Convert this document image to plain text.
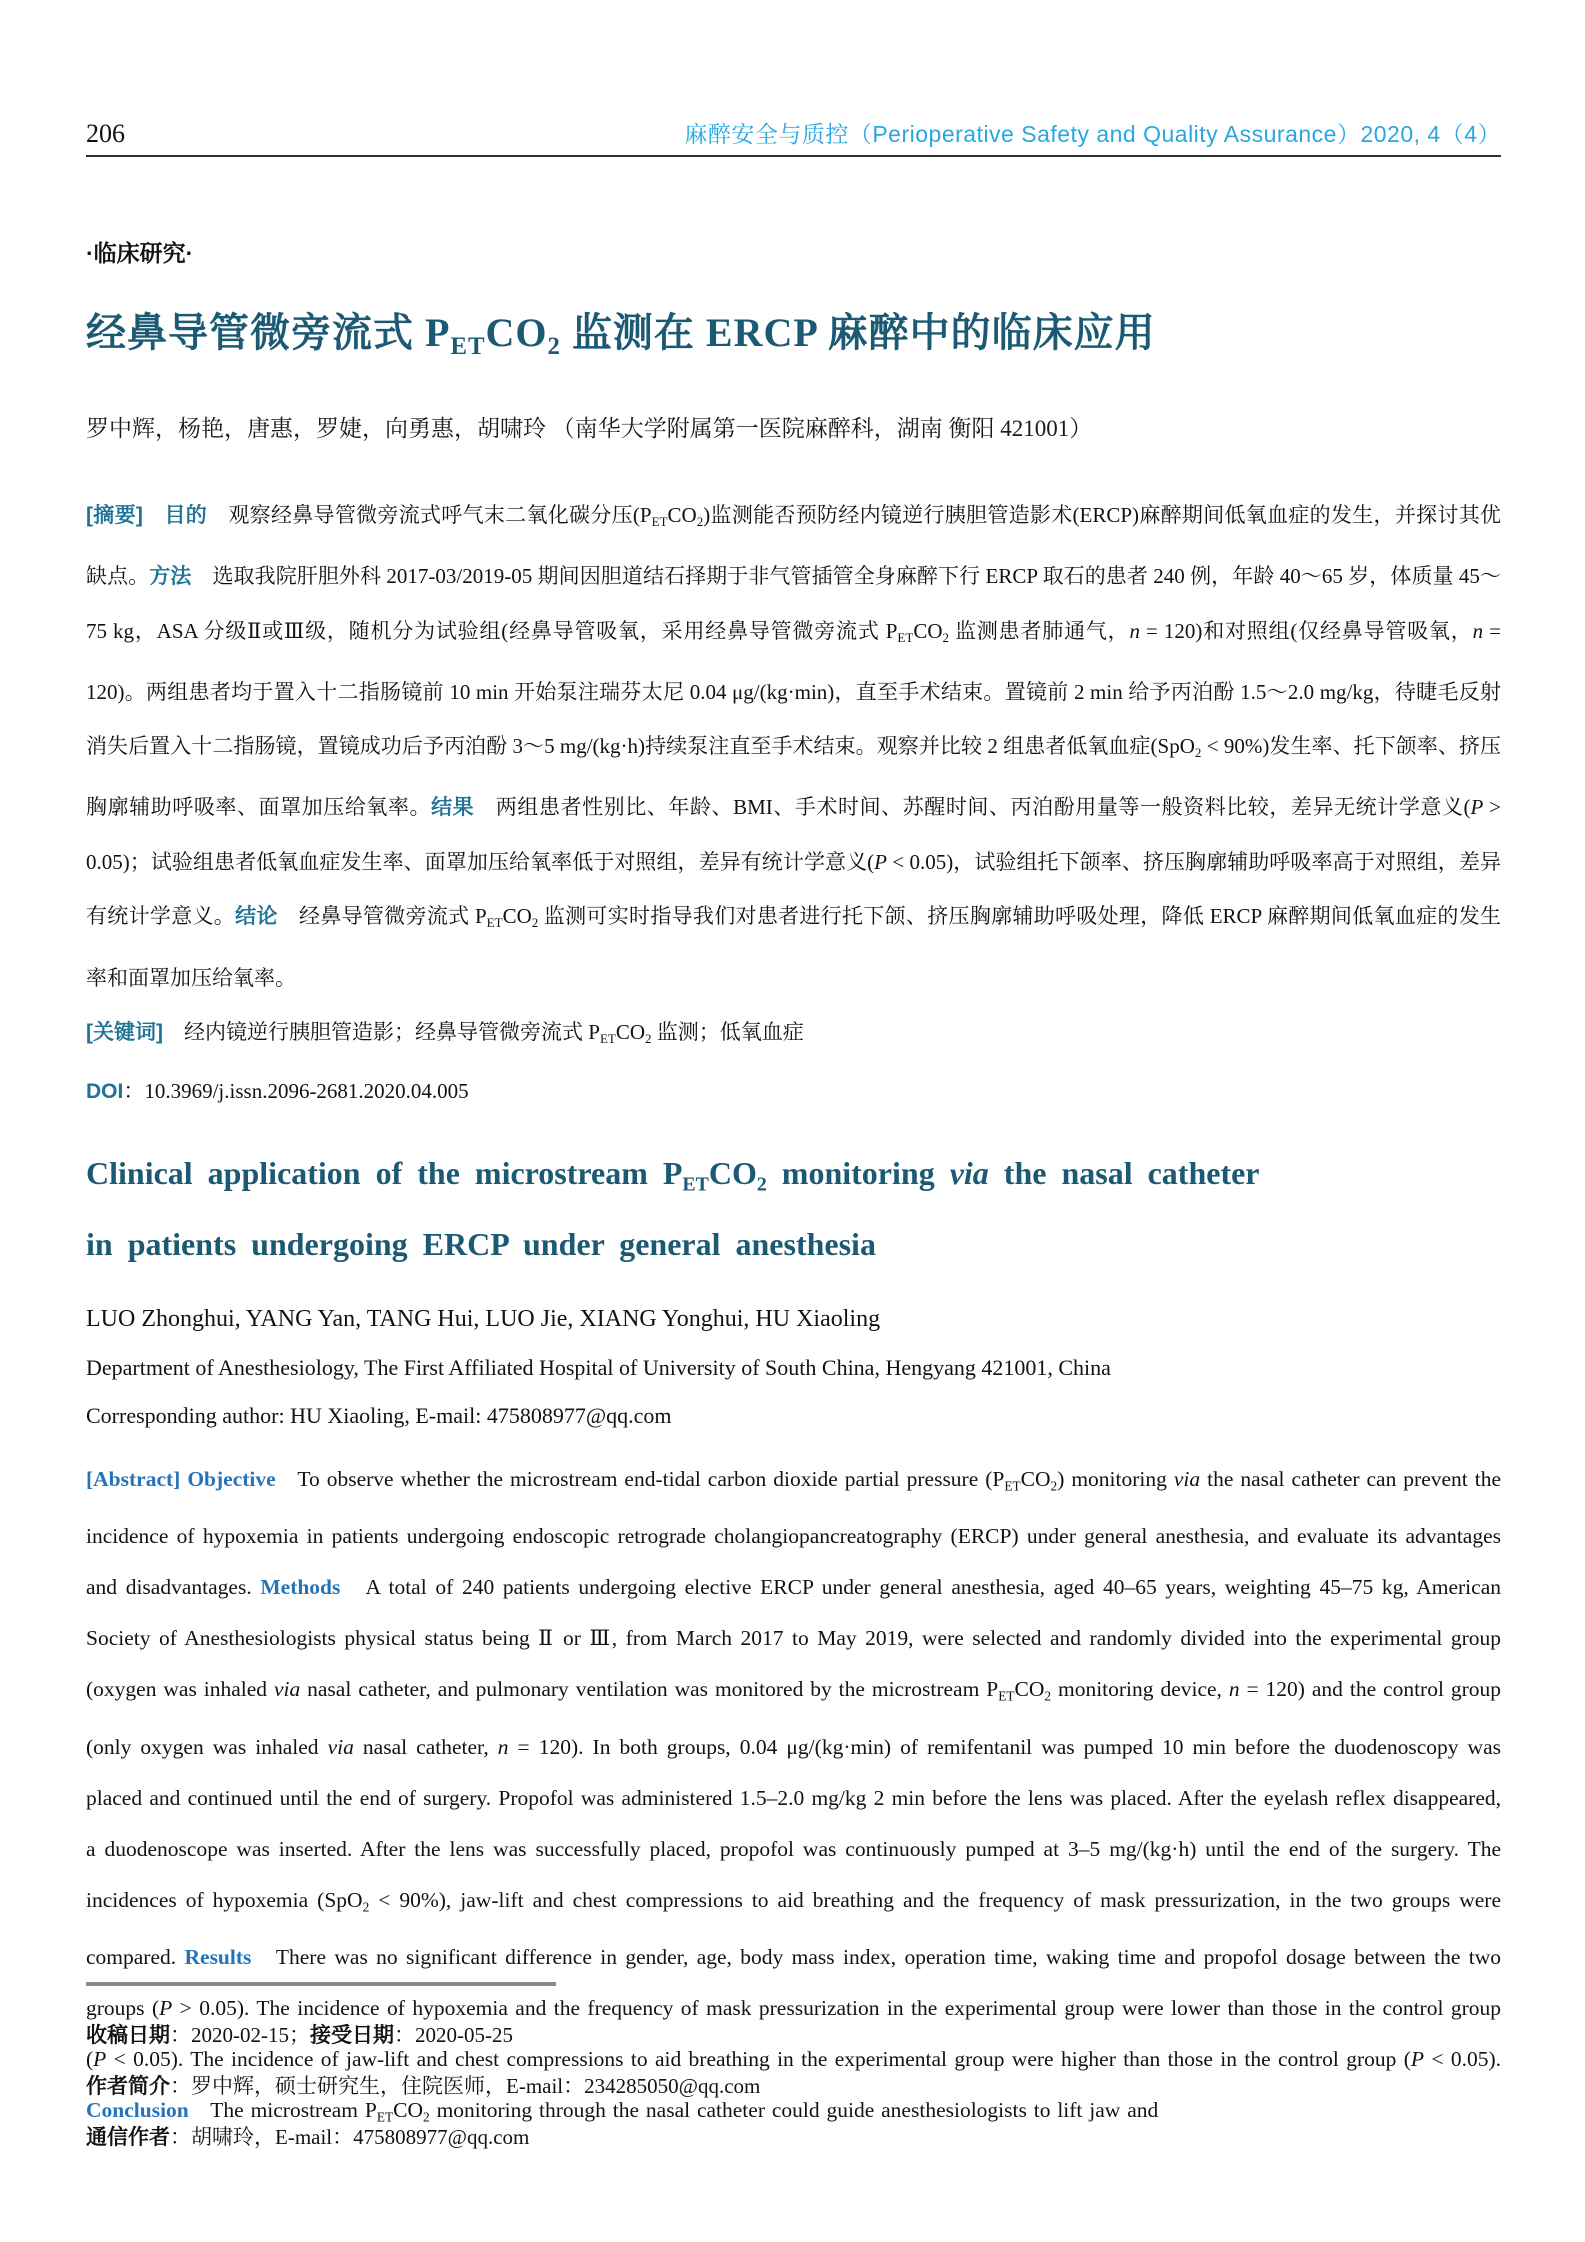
206	麻醉安全与质控（Perioperative Safety and Quality Assurance）2020, 4（4）
·临床研究·
经鼻导管微旁流式 $P_{ET}CO_2$ 监测在 ERCP 麻醉中的临床应用
罗中辉，杨艳，唐惠，罗婕，向勇惠，胡啸玲 （南华大学附属第一医院麻醉科，湖南 衡阳 421001）

[摘要]　 目的　观察经鼻导管微旁流式呼气末二氧化碳分压$(P_{ET}CO_2)$监测能否预防经内镜逆行胰胆管造影术(ERCP)麻醉期间低氧血症的发生，并探讨其优缺点。方法　选取我院肝胆外科 2017-03/2019-05 期间因胆道结石择期于非气管插管全身麻醉下行 ERCP 取石的患者 240 例，年龄 40～65 岁，体质量 45～75 kg，ASA 分级Ⅱ或Ⅲ级，随机分为试验组(经鼻导管吸氧，采用经鼻导管微旁流式 $P_{ET}CO_2$ 监测患者肺通气，n = 120)和对照组(仅经鼻导管吸氧，n = 120)。两组患者均于置入十二指肠镜前 10 min 开始泵注瑞芬太尼 0.04 μg/(kg·min)，直至手术结束。置镜前 2 min 给予丙泊酚 1.5～2.0 mg/kg，待睫毛反射消失后置入十二指肠镜，置镜成功后予丙泊酚 3～5 mg/(kg·h)持续泵注直至手术结束。观察并比较 2 组患者低氧血症(SpO$_2$ < 90%)发生率、托下颌率、挤压胸廓辅助呼吸率、面罩加压给氧率。结果　两组患者性别比、年龄、BMI、手术时间、苏醒时间、丙泊酚用量等一般资料比较，差异无统计学意义(P > 0.05)；试验组患者低氧血症发生率、面罩加压给氧率低于对照组，差异有统计学意义(P < 0.05)，试验组托下颌率、挤压胸廓辅助呼吸率高于对照组，差异有统计学意义。结论　经鼻导管微旁流式 $P_{ET}CO_2$ 监测可实时指导我们对患者进行托下颌、挤压胸廓辅助呼吸处理，降低 ERCP 麻醉期间低氧血症的发生率和面罩加压给氧率。

[关键词]　经内镜逆行胰胆管造影；经鼻导管微旁流式 $P_{ET}CO_2$ 监测；低氧血症

DOI：10.3969/j.issn.2096-2681.2020.04.005

Clinical application of the microstream $P_{ET}CO_2$ monitoring via the nasal catheter
in patients undergoing ERCP under general anesthesia
LUO Zhonghui, YANG Yan, TANG Hui, LUO Jie, XIANG Yonghui, HU Xiaoling
Department of Anesthesiology, The First Affiliated Hospital of University of South China, Hengyang 421001, China
Corresponding author: HU Xiaoling, E-mail: 475808977@qq.com

[Abstract] Objective　To observe whether the microstream end-tidal carbon dioxide partial pressure $(P_{ET}CO_2)$ monitoring via the nasal catheter can prevent the incidence of hypoxemia in patients undergoing endoscopic retrograde cholangiopancreatography (ERCP) under general anesthesia, and evaluate its advantages and disadvantages. Methods　A total of 240 patients undergoing elective ERCP under general anesthesia, aged 40–65 years, weighting 45–75 kg, American Society of Anesthesiologists physical status being Ⅱ or Ⅲ, from March 2017 to May 2019, were selected and randomly divided into the experimental group (oxygen was inhaled via nasal catheter, and pulmonary ventilation was monitored by the microstream $P_{ET}CO_2$ monitoring device, n = 120) and the control group (only oxygen was inhaled via nasal catheter, n = 120). In both groups, 0.04 μg/(kg·min) of remifentanil was pumped 10 min before the duodenoscopy was placed and continued until the end of surgery. Propofol was administered 1.5–2.0 mg/kg 2 min before the lens was placed. After the eyelash reflex disappeared, a duodenoscope was inserted. After the lens was successfully placed, propofol was continuously pumped at 3–5 mg/(kg·h) until the end of the surgery. The incidences of hypoxemia (SpO$_2$ < 90%), jaw-lift and chest compressions to aid breathing and the frequency of mask pressurization, in the two groups were compared. Results　There was no significant difference in gender, age, body mass index, operation time, waking time and propofol dosage between the two groups (P > 0.05). The incidence of hypoxemia and the frequency of mask pressurization in the experimental group were lower than those in the control group (P < 0.05). The incidence of jaw-lift and chest compressions to aid breathing in the experimental group were higher than those in the control group (P < 0.05). Conclusion　The microstream $P_{ET}CO_2$ monitoring through the nasal catheter could guide anesthesiologists to lift jaw and

收稿日期：2020-02-15；接受日期：2020-05-25
作者简介：罗中辉，硕士研究生，住院医师，E-mail：234285050@qq.com
通信作者：胡啸玲，E-mail：475808977@qq.com
